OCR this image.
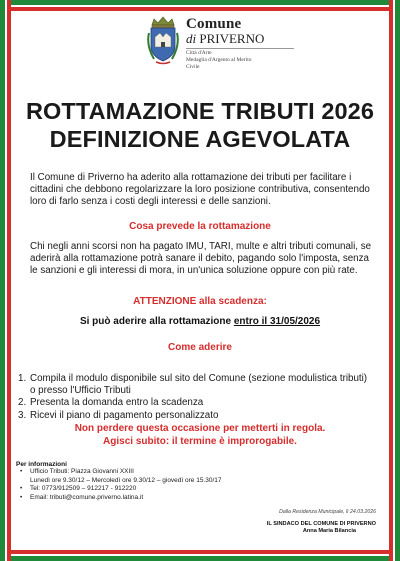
Comune
di PRIVERNO
Città d'Arte
Medaglia d'Argento al Merito Civile
ROTTAMAZIONE TRIBUTI 2026
DEFINIZIONE AGEVOLATA
Il Comune di Priverno ha aderito alla rottamazione dei tributi per facilitare i cittadini che debbono regolarizzare la loro posizione contributiva, consentendo loro di farlo senza i costi degli interessi e delle sanzioni.
Cosa prevede la rottamazione
Chi negli anni scorsi non ha pagato IMU, TARI, multe e altri tributi comunali, se aderirà alla rottamazione potrà sanare il debito, pagando solo l'imposta, senza le sanzioni e gli interessi di mora, in un'unica soluzione oppure con più rate.
ATTENZIONE alla scadenza:
Si può aderire alla rottamazione entro il 31/05/2026
Come aderire
1. Compila il modulo disponibile sul sito del Comune (sezione modulistica tributi) o presso l'Ufficio Tributi
2. Presenta la domanda entro la scadenza
3. Ricevi il piano di pagamento personalizzato
Non perdere questa occasione per metterti in regola.
Agisci subito: il termine è improrogabile.
Per informazioni
• Ufficio Tributi: Piazza Giovanni XXIII
Lunedì ore 9.30/12 – Mercoledì ore 9.30/12 – giovedì ore 15.30/17
• Tel: 0773/912509 – 912217 - 912220
• Email: tributi@comune.priverno.latina.it
Dalla Residenza Municipale, lì 24.03.2026
IL SINDACO DEL COMUNE DI PRIVERNO
Anna Maria Bilancia
